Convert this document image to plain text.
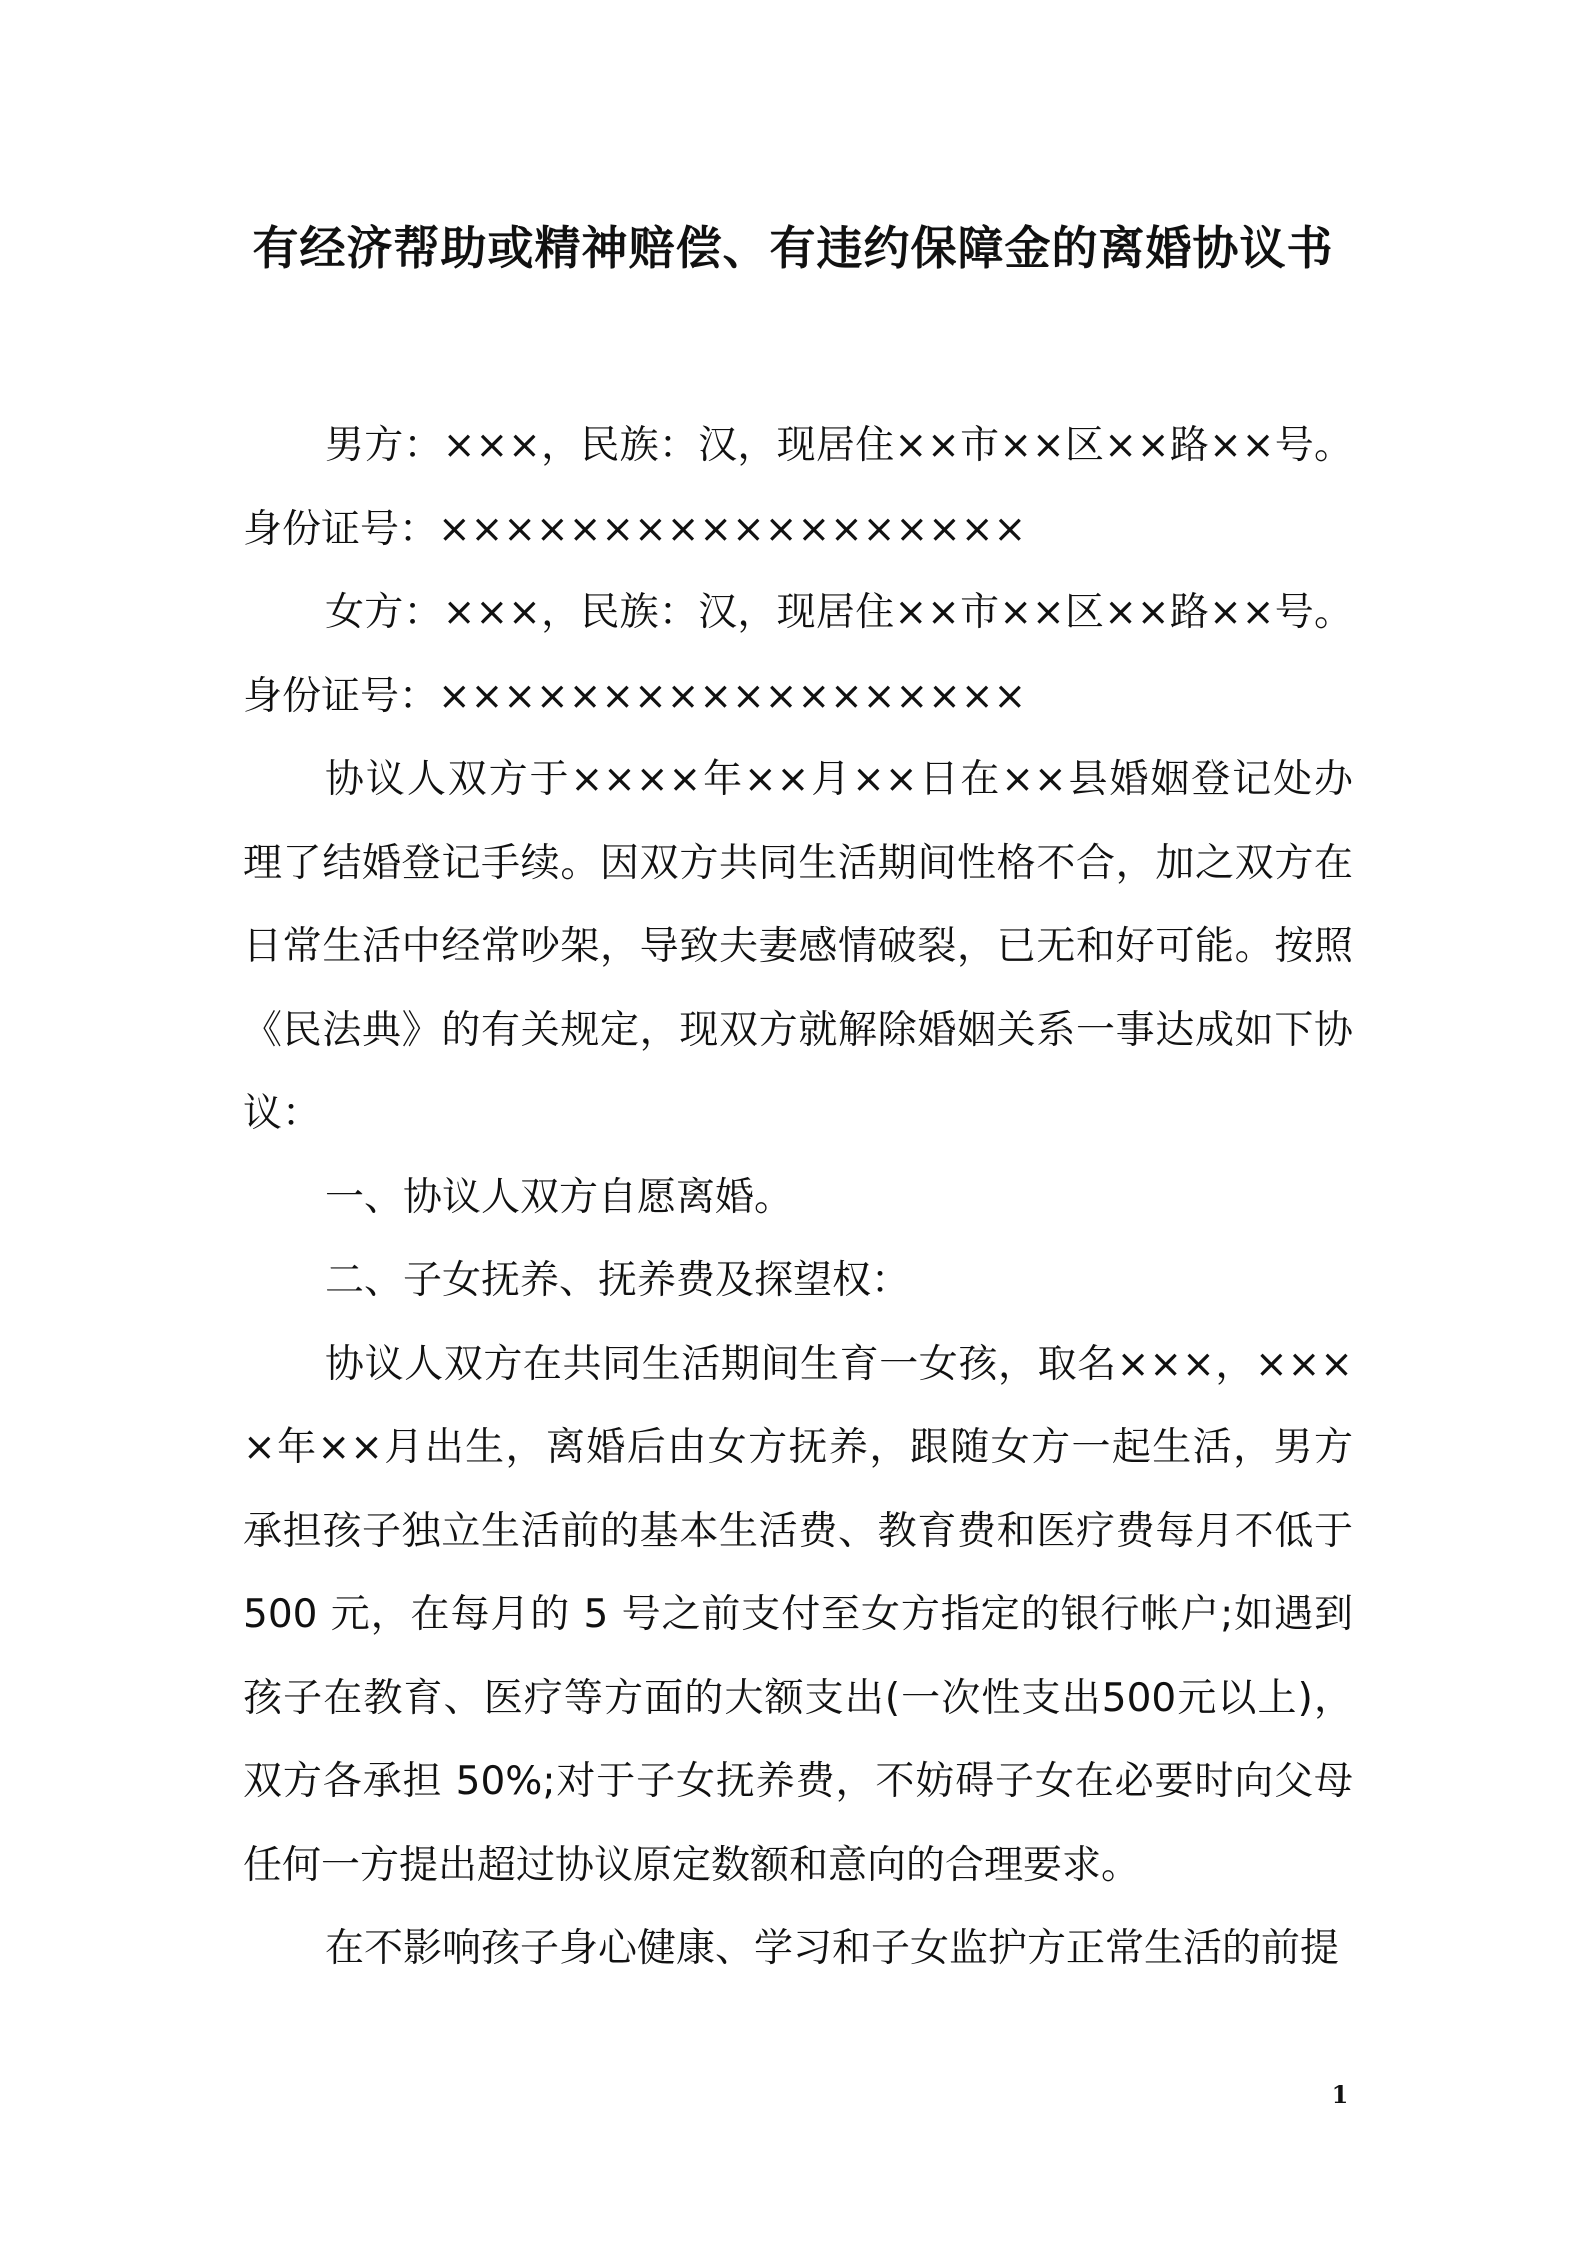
有经济帮助或精神赔偿、有违约保障金的离婚协议书

男方：×××，民族：汉，现居住××市××区××路××号。身份证号：××××××××××××××××××

女方：×××，民族：汉，现居住××市××区××路××号。身份证号：××××××××××××××××××

协议人双方于××××年××月××日在××县婚姻登记处办理了结婚登记手续。因双方共同生活期间性格不合，加之双方在日常生活中经常吵架，导致夫妻感情破裂，已无和好可能。按照《民法典》的有关规定，现双方就解除婚姻关系一事达成如下协议：

一、协议人双方自愿离婚。

二、子女抚养、抚养费及探望权：

协议人双方在共同生活期间生育一女孩，取名×××，××××年××月出生，离婚后由女方抚养，跟随女方一起生活，男方承担孩子独立生活前的基本生活费、教育费和医疗费每月不低于 500 元，在每月的 5 号之前支付至女方指定的银行帐户;如遇到孩子在教育、医疗等方面的大额支出(一次性支出500元以上)，双方各承担 50%;对于子女抚养费，不妨碍子女在必要时向父母任何一方提出超过协议原定数额和意向的合理要求。

在不影响孩子身心健康、学习和子女监护方正常生活的前提

1
